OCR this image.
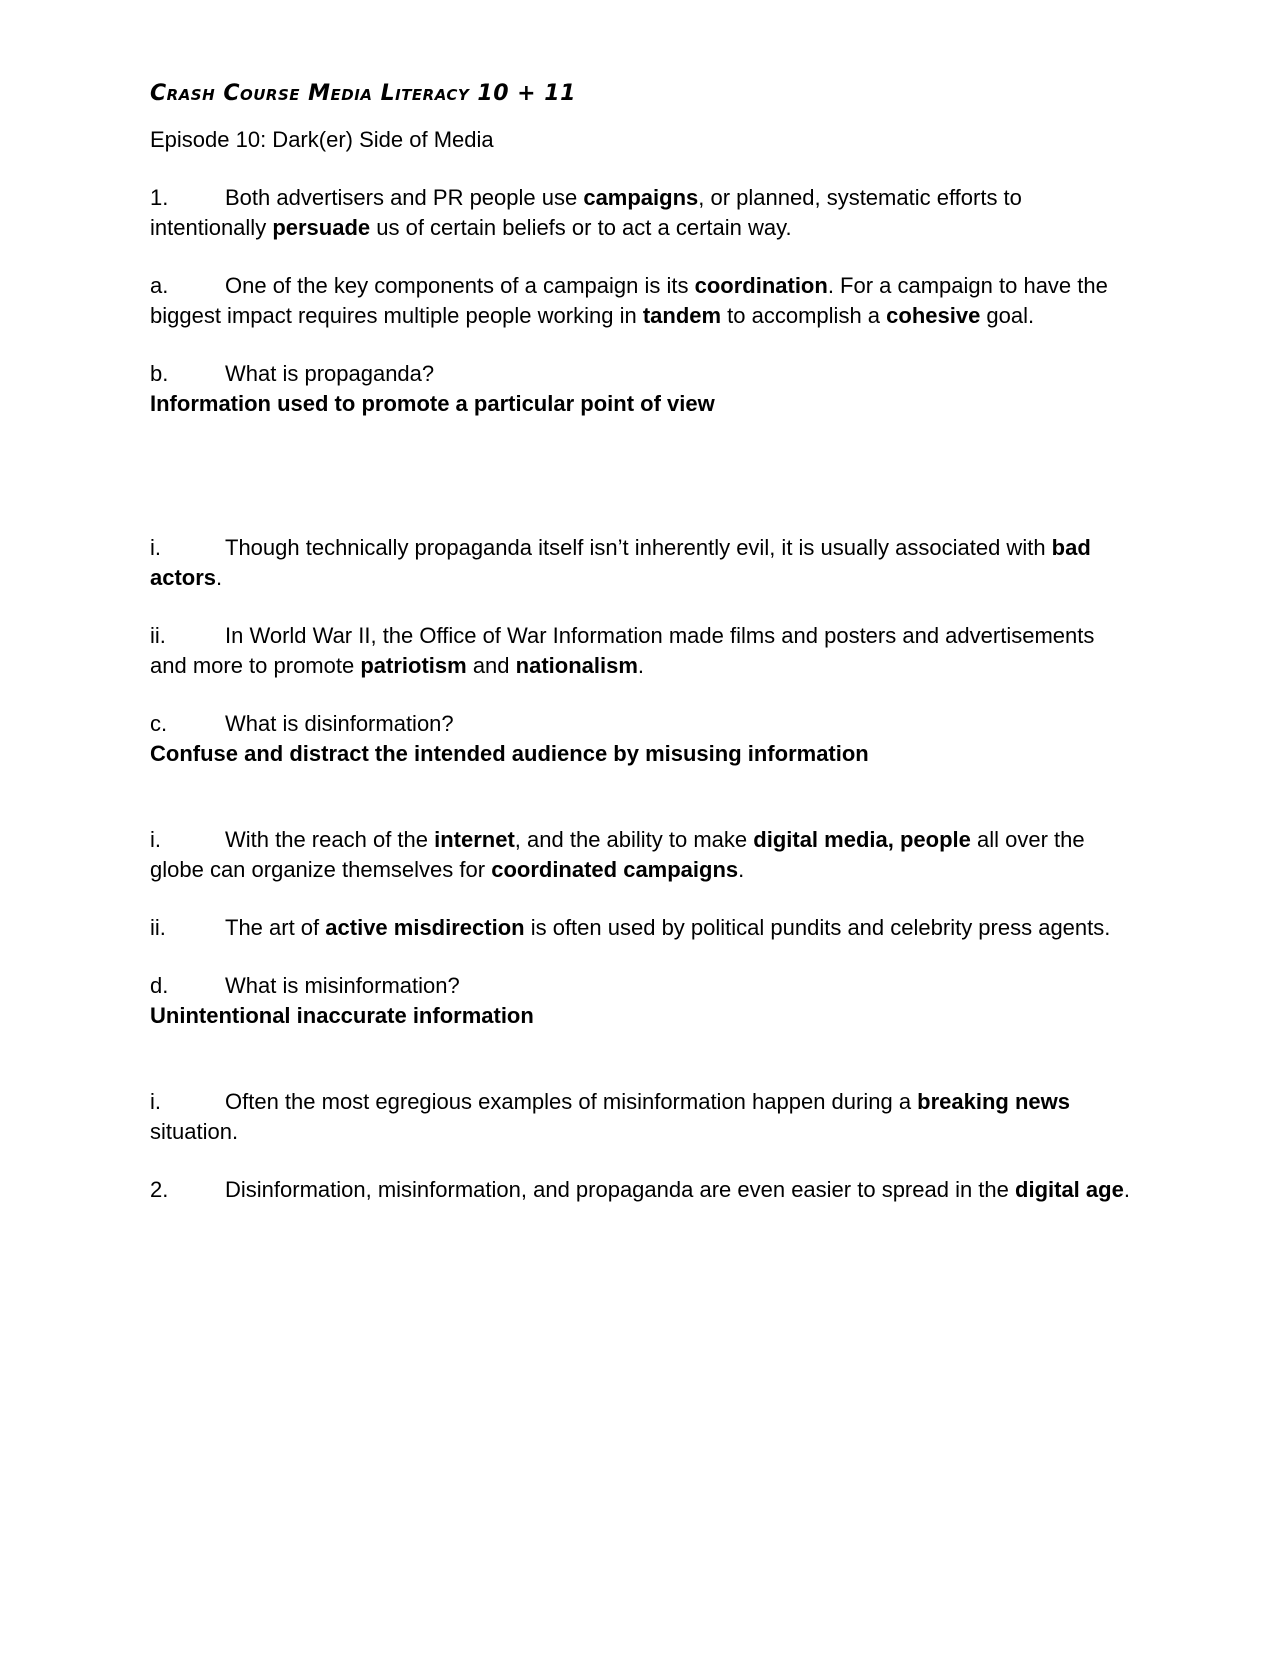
Crash Course Media Literacy 10 + 11

Episode 10: Dark(er) Side of Media

1.	Both advertisers and PR people use campaigns, or planned, systematic efforts to intentionally persuade us of certain beliefs or to act a certain way.

a.	One of the key components of a campaign is its coordination. For a campaign to have the biggest impact requires multiple people working in tandem to accomplish a cohesive goal.

b.	What is propaganda?

Information used to promote a particular point of view

i.	Though technically propaganda itself isn’t inherently evil, it is usually associated with bad actors.

ii.	In World War II, the Office of War Information made films and posters and advertisements and more to promote patriotism and nationalism.

c.	What is disinformation?

Confuse and distract the intended audience by misusing information

i.	With the reach of the internet, and the ability to make digital media, people all over the globe can organize themselves for coordinated campaigns.

ii.	The art of active misdirection is often used by political pundits and celebrity press agents.

d.	What is misinformation?

Unintentional inaccurate information

i.	Often the most egregious examples of misinformation happen during a breaking news situation.

2.	Disinformation, misinformation, and propaganda are even easier to spread in the digital age.
